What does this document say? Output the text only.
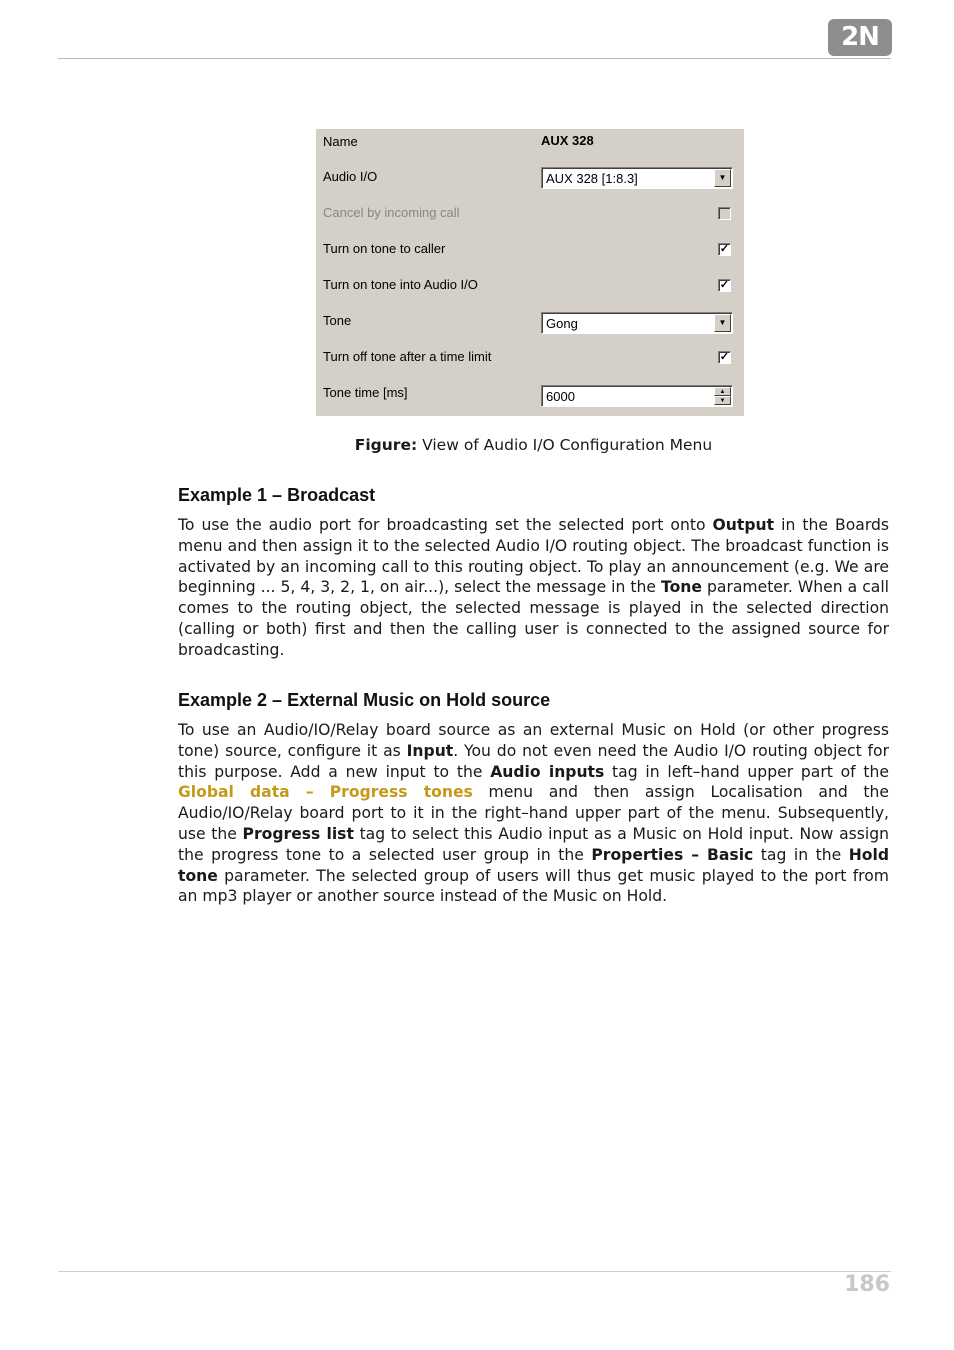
2N
Name	AUX 328
Audio I/O	AUX 328 [1:8.3]	▼
Cancel by incoming call
Turn on tone to caller	✓
Turn on tone into Audio I/O	✓
Tone	Gong	▼
Turn off tone after a time limit	✓
Tone time [ms]	6000	▲
▼
Figure: View of Audio I/O Configuration Menu
Example 1 – Broadcast

To use the audio port for broadcasting set the selected port onto Output in the Boards menu and then assign it to the selected Audio I/O routing object. The broadcast function is activated by an incoming call to this routing object. To play an announcement (e.g. We are beginning ... 5, 4, 3, 2, 1, on air...), select the message in the Tone parameter. When a call comes to the routing object, the selected message is played in the selected direction (calling or both) first and then the calling user is connected to the assigned source for broadcasting.

Example 2 – External Music on Hold source

To use an Audio/IO/Relay board source as an external Music on Hold (or other progress tone) source, configure it as Input. You do not even need the Audio I/O routing object for this purpose. Add a new input to the Audio inputs tag in left–hand upper part of the Global data – Progress tones menu and then assign Localisation and the Audio/IO/Relay board port to it in the right–hand upper part of the menu. Subsequently, use the Progress list tag to select this Audio input as a Music on Hold input. Now assign the progress tone to a selected user group in the Properties – Basic tag in the Hold tone parameter. The selected group of users will thus get music played to the port from an mp3 player or another source instead of the Music on Hold.

186
